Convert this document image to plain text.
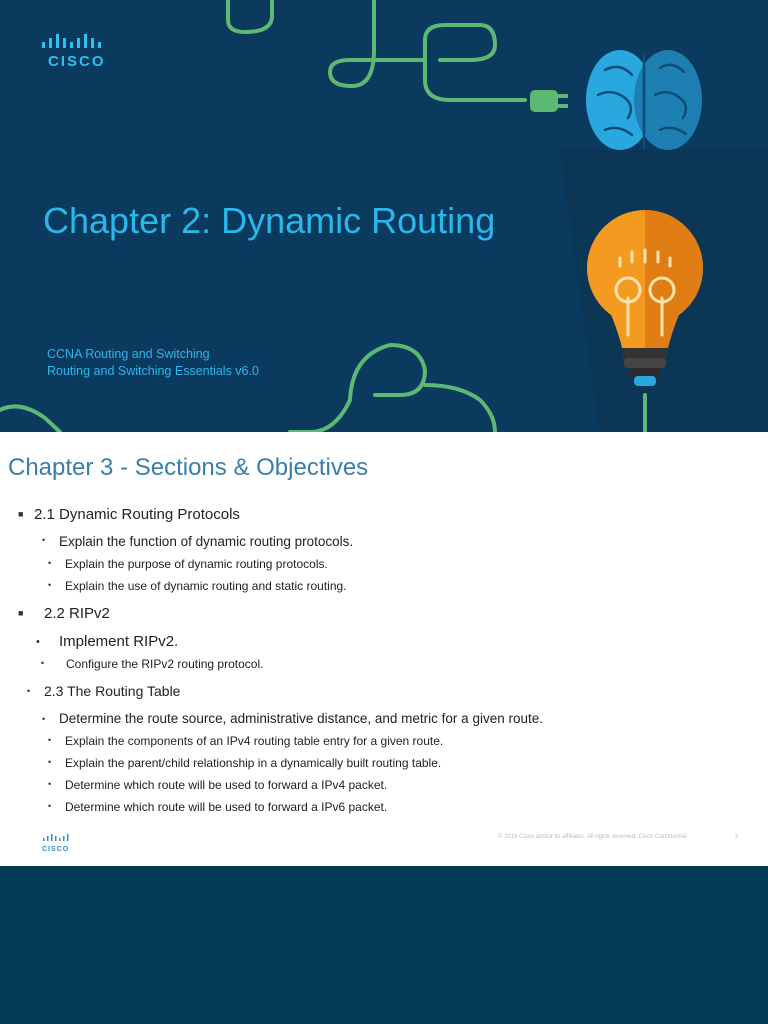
CISCO
Chapter 2: Dynamic Routing
CCNA Routing and Switching
Routing and Switching Essentials v6.0
Chapter 3 - Sections & Objectives
■ 2.1 Dynamic Routing Protocols
• Explain the function of dynamic routing protocols.
• Explain the purpose of dynamic routing protocols.
• Explain the use of dynamic routing and static routing.
■ 2.2 RIPv2
• Implement RIPv2.
• Configure the RIPv2 routing protocol.
• 2.3 The Routing Table
• Determine the route source, administrative distance, and metric for a given route.
• Explain the components of an IPv4 routing table entry for a given route.
• Explain the parent/child relationship in a dynamically built routing table.
• Determine which route will be used to forward a IPv4 packet.
• Determine which route will be used to forward a IPv6 packet.
CISCO
© 2016 Cisco and/or its affiliates. All rights reserved. Cisco Confidential	2
